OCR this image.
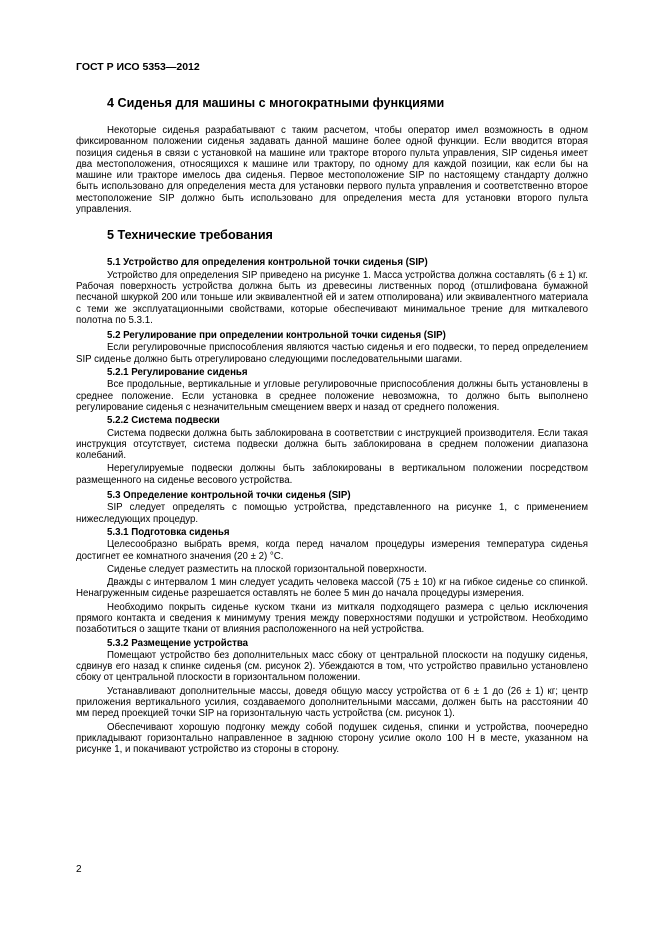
ГОСТ Р ИСО 5353—2012
4 Сиденья для машины с многократными функциями

Некоторые сиденья разрабатывают с таким расчетом, чтобы оператор имел возможность в одном фиксированном положении сиденья задавать данной машине более одной функции. Если вводится вторая позиция сиденья в связи с установкой на машине или тракторе второго пульта управления, SIP сиденья имеет два местоположения, относящихся к машине или трактору, по одному для каждой позиции, как если бы на машине или тракторе имелось два сиденья. Первое местоположение SIP по настоящему стандарту должно быть использовано для определения места для установки первого пульта управления и соответственно второе местоположение SIP должно быть использовано для определения места для установки второго пульта управления.

5 Технические требования
5.1 Устройство для определения контрольной точки сиденья (SIP)

Устройство для определения SIP приведено на рисунке 1. Масса устройства должна составлять (6 ± 1) кг. Рабочая поверхность устройства должна быть из древесины лиственных пород (отшлифована бумажной песчаной шкуркой 200 или тоньше или эквивалентной ей и затем отполирована) или эквивалентного материала с теми же эксплуатационными свойствами, которые обеспечивают минимальное трение для миткалевого полотна по 5.3.1.

5.2 Регулирование при определении контрольной точки сиденья (SIP)

Если регулировочные приспособления являются частью сиденья и его подвески, то перед определением SIP сиденье должно быть отрегулировано следующими последовательными шагами.

5.2.1 Регулирование сиденья

Все продольные, вертикальные и угловые регулировочные приспособления должны быть установлены в среднее положение. Если установка в среднее положение невозможна, то должно быть выполнено регулирование сиденья с незначительным смещением вверх и назад от среднего положения.

5.2.2 Система подвески

Система подвески должна быть заблокирована в соответствии с инструкцией производителя. Если такая инструкция отсутствует, система подвески должна быть заблокирована в среднем положении диапазона колебаний.

Нерегулируемые подвески должны быть заблокированы в вертикальном положении посредством размещенного на сиденье весового устройства.

5.3 Определение контрольной точки сиденья (SIP)

SIP следует определять с помощью устройства, представленного на рисунке 1, с применением нижеследующих процедур.

5.3.1 Подготовка сиденья

Целесообразно выбрать время, когда перед началом процедуры измерения температура сиденья достигнет ее комнатного значения (20 ± 2) °С.

Сиденье следует разместить на плоской горизонтальной поверхности.

Дважды с интервалом 1 мин следует усадить человека массой (75 ± 10) кг на гибкое сиденье со спинкой. Ненагруженным сиденье разрешается оставлять не более 5 мин до начала процедуры измерения.

Необходимо покрыть сиденье куском ткани из миткаля подходящего размера с целью исключения прямого контакта и сведения к минимуму трения между поверхностями подушки и устройством. Необходимо позаботиться о защите ткани от влияния расположенного на ней устройства.

5.3.2 Размещение устройства

Помещают устройство без дополнительных масс сбоку от центральной плоскости на подушку сиденья, сдвинув его назад к спинке сиденья (см. рисунок 2). Убеждаются в том, что устройство правильно установлено сбоку от центральной плоскости в горизонтальном положении.

Устанавливают дополнительные массы, доведя общую массу устройства от 6 ± 1 до (26 ± 1) кг; центр приложения вертикального усилия, создаваемого дополнительными массами, должен быть на расстоянии 40 мм перед проекцией точки SIP на горизонтальную часть устройства (см. рисунок 1).

Обеспечивают хорошую подгонку между собой подушек сиденья, спинки и устройства, поочередно прикладывают горизонтально направленное в заднюю сторону усилие около 100 Н в месте, указанном на рисунке 1, и покачивают устройство из стороны в сторону.

2
